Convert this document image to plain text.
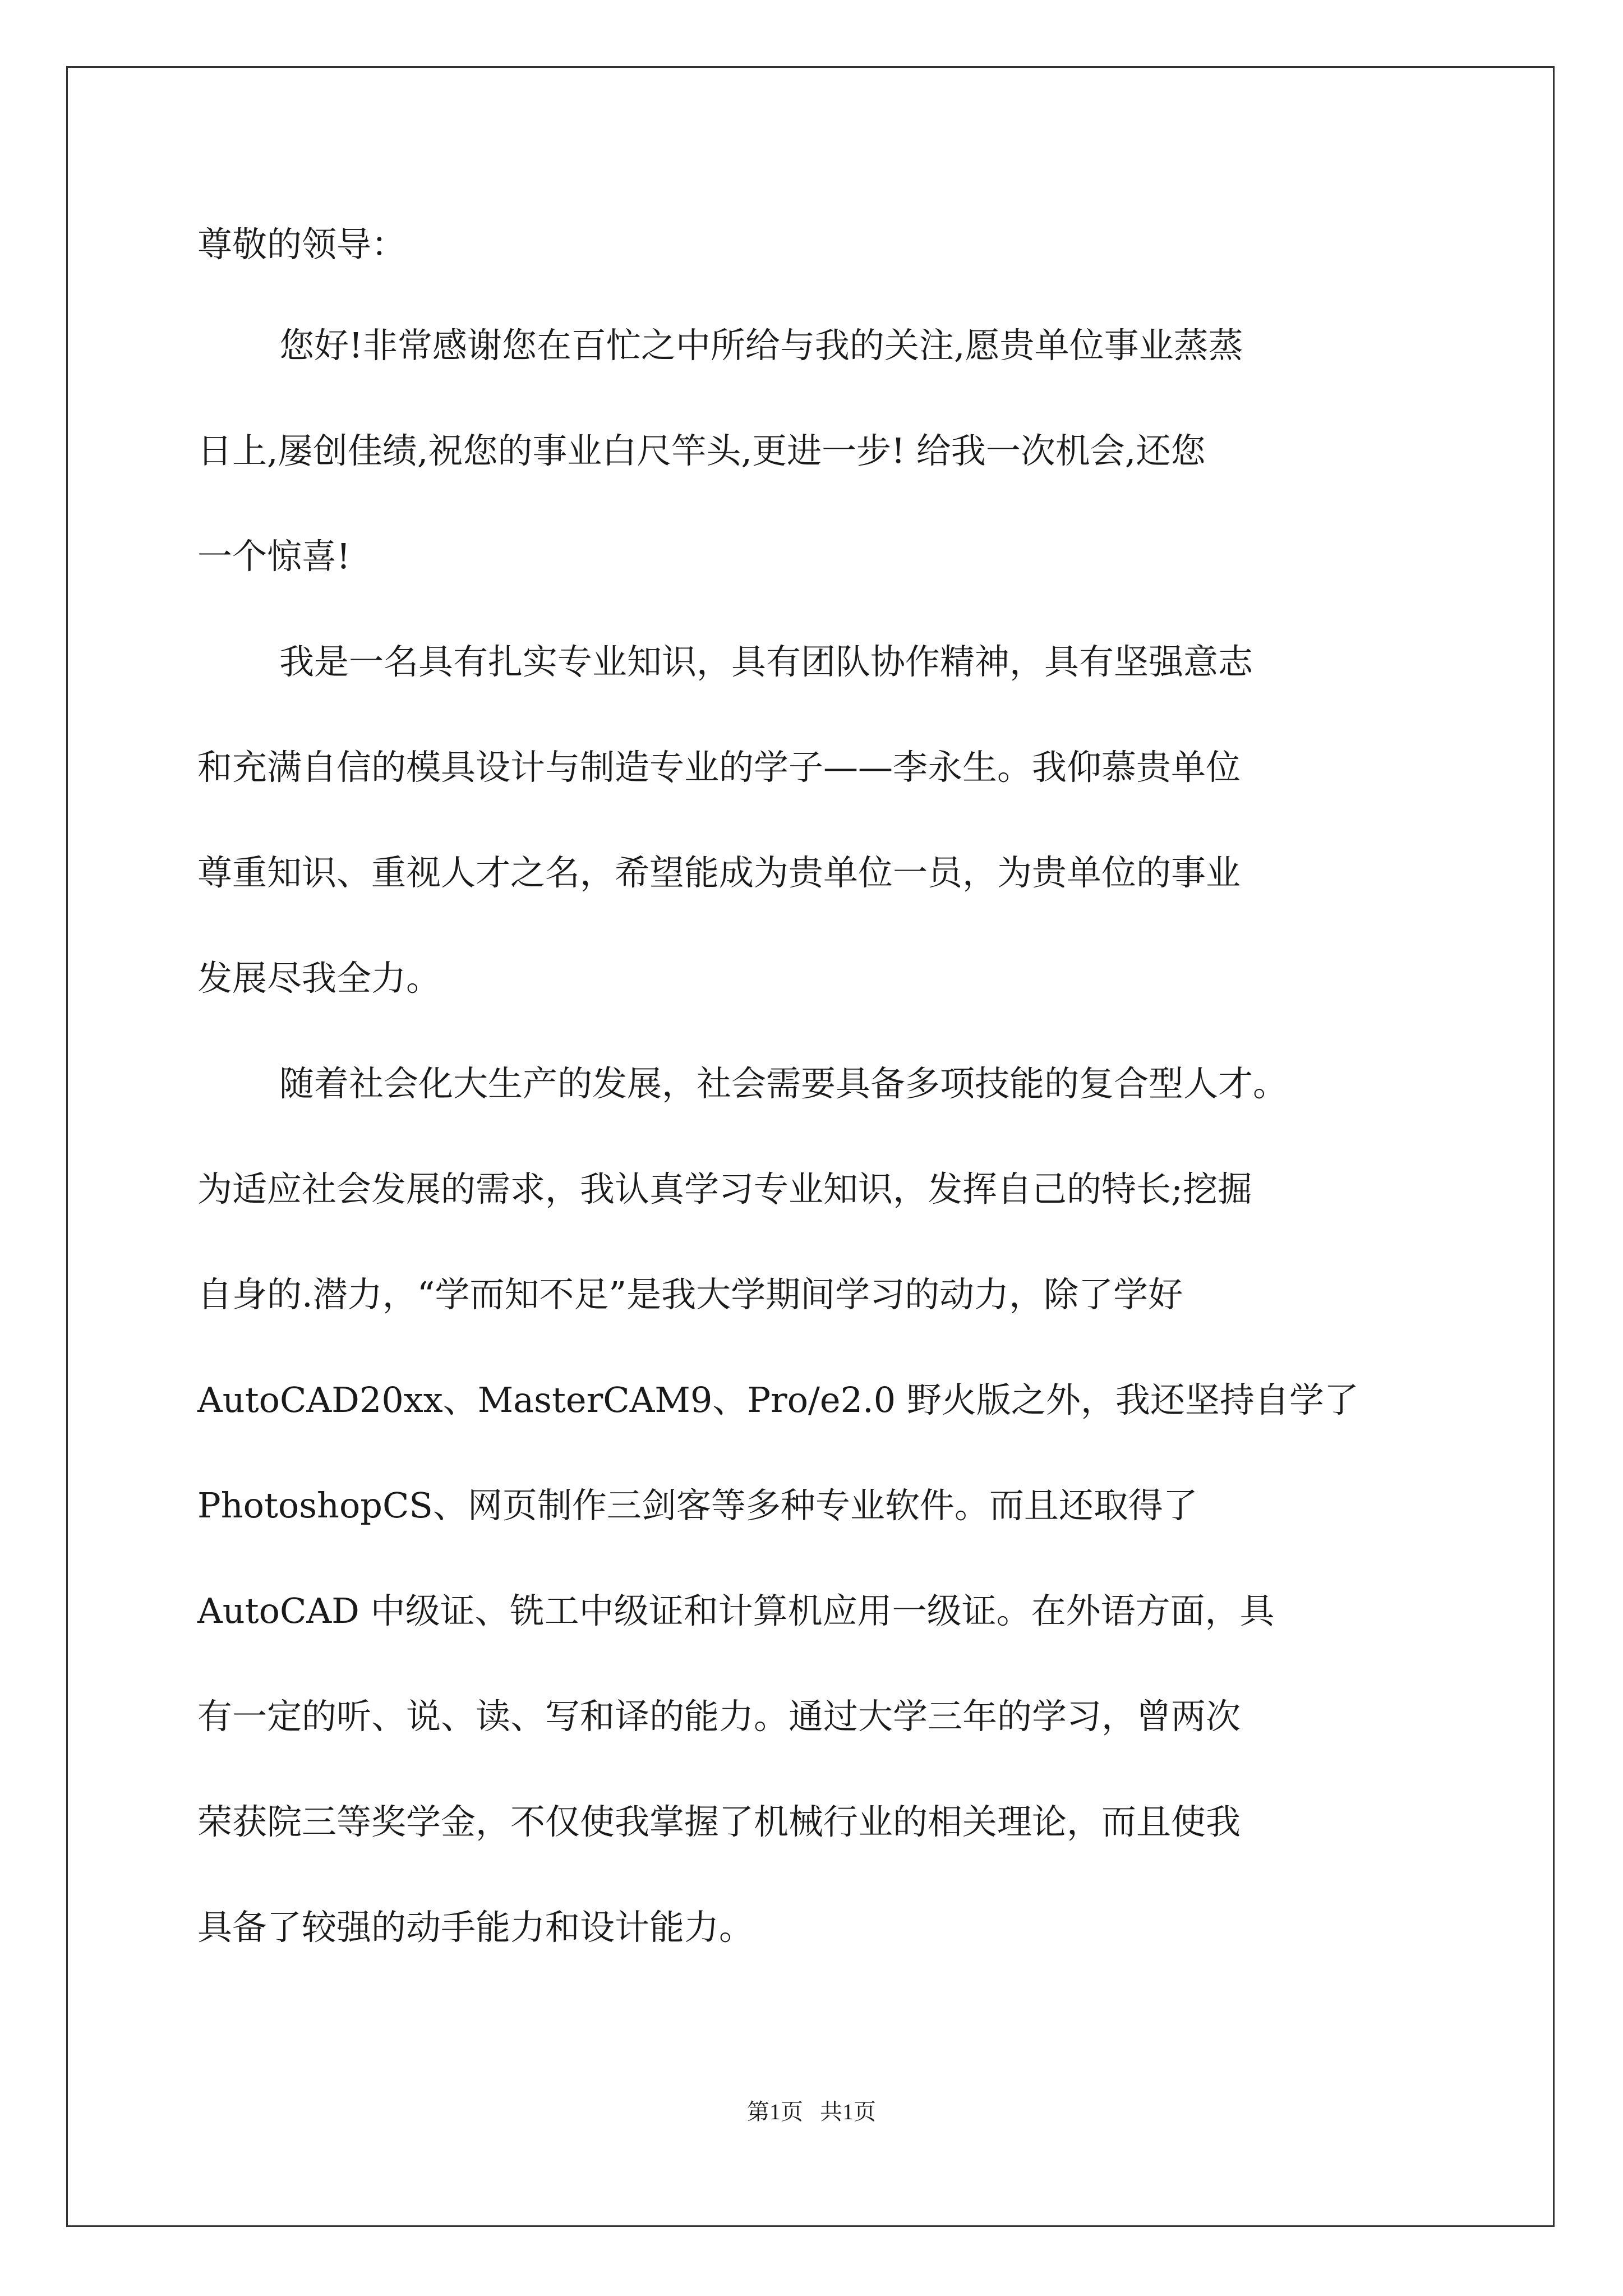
尊敬的领导：
您好!非常感谢您在百忙之中所给与我的关注,愿贵单位事业蒸蒸
日上,屡创佳绩,祝您的事业白尺竿头,更进一步! 给我一次机会,还您
一个惊喜!
我是一名具有扎实专业知识，具有团队协作精神，具有坚强意志
和充满自信的模具设计与制造专业的学子——李永生。我仰慕贵单位
尊重知识、重视人才之名，希望能成为贵单位一员，为贵单位的事业
发展尽我全力。
随着社会化大生产的发展，社会需要具备多项技能的复合型人才。
为适应社会发展的需求，我认真学习专业知识，发挥自己的特长;挖掘
自身的.潜力，“学而知不足”是我大学期间学习的动力，除了学好
AutoCAD20xx、MasterCAM9、Pro/e2.0 野火版之外，我还坚持自学了
PhotoshopCS、网页制作三剑客等多种专业软件。而且还取得了
AutoCAD 中级证、铣工中级证和计算机应用一级证。在外语方面，具
有一定的听、说、读、写和译的能力。通过大学三年的学习，曾两次
荣获院三等奖学金，不仅使我掌握了机械行业的相关理论，而且使我
具备了较强的动手能力和设计能力。
第1页   共1页
